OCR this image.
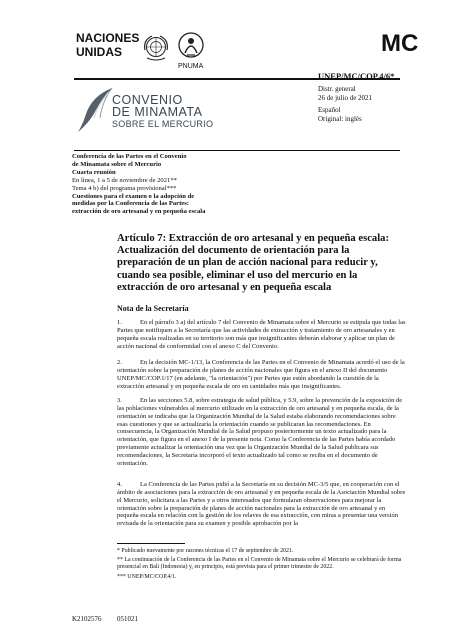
NACIONES
UNIDAS
PNUMA
MC
UNEP/MC/COP.4/6*
Distr. general
26 de julio de 2021
Español
Original: inglés
CONVENIO
DE MINAMATA
SOBRE EL MERCURIO
Conferencia de las Partes en el Convenio
de Minamata sobre el Mercurio
Cuarta reunión
En línea, 1 a 5 de noviembre de 2021**
Tema 4 b) del programa provisional***
Cuestiones para el examen o la adopción de
medidas por la Conferencia de las Partes:
extracción de oro artesanal y en pequeña escala
Artículo 7: Extracción de oro artesanal y en pequeña escala: Actualización del documento de orientación para la preparación de un plan de acción nacional para reducir y, cuando sea posible, eliminar el uso del mercurio en la extracción de oro artesanal y en pequeña escala
Nota de la Secretaría
1.	En el párrafo 3 a) del artículo 7 del Convenio de Minamata sobre el Mercurio se estipula que todas las Partes que notifiquen a la Secretaría que las actividades de extracción y tratamiento de oro artesanales y en pequeña escala realizadas en su territorio son más que insignificantes deberán elaborar y aplicar un plan de acción nacional de conformidad con el anexo C del Convenio.
2.	En la decisión MC-1/13, la Conferencia de las Partes en el Convenio de Minamata acordó el uso de la orientación sobre la preparación de planes de acción nacionales que figura en el anexo II del documento UNEP/MC/COP.1/17 (en adelante, "la orientación") por Partes que estén abordando la cuestión de la extracción artesanal y en pequeña escala de oro en cantidades más que insignificantes.
3.	En las secciones 5.8, sobre estrategia de salud pública, y 5.9, sobre la prevención de la exposición de las poblaciones vulnerables al mercurio utilizado en la extracción de oro artesanal y en pequeña escala, de la orientación se indicaba que la Organización Mundial de la Salud estaba elaborando recomendaciones sobre esas cuestiones y que se actualizaría la orientación cuando se publicaran las recomendaciones. En consecuencia, la Organización Mundial de la Salud propuso posteriormente un texto actualizado para la orientación, que figura en el anexo I de la presente nota. Como la Conferencia de las Partes había acordado previamente actualizar la orientación una vez que la Organización Mundial de la Salud publicara sus recomendaciones, la Secretaría incorporó el texto actualizado tal como se reciba en el documento de orientación.
4.	La Conferencia de las Partes pidió a la Secretaría en su decisión MC-3/5 que, en cooperación con el ámbito de asociaciones para la extracción de oro artesanal y en pequeña escala de la Asociación Mundial sobre el Mercurio, solicitara a las Partes y a otros interesados que formularan observaciones para mejorar la orientación sobre la preparación de planes de acción nacionales para la extracción de oro artesanal y en pequeña escala en relación con la gestión de los relaves de esa extracción, con miras a presentar una versión revisada de la orientación para su examen y posible aprobación por la
* Publicado nuevamente por razones técnicas el 17 de septiembre de 2021.
** La continuación de la Conferencia de las Partes en el Convenio de Minamata sobre el Mercurio se celebrará de forma presencial en Bali (Indonesia) y, en principio, está prevista para el primer trimestre de 2022.
*** UNEP/MC/COP.4/1.
K2102576 051021
